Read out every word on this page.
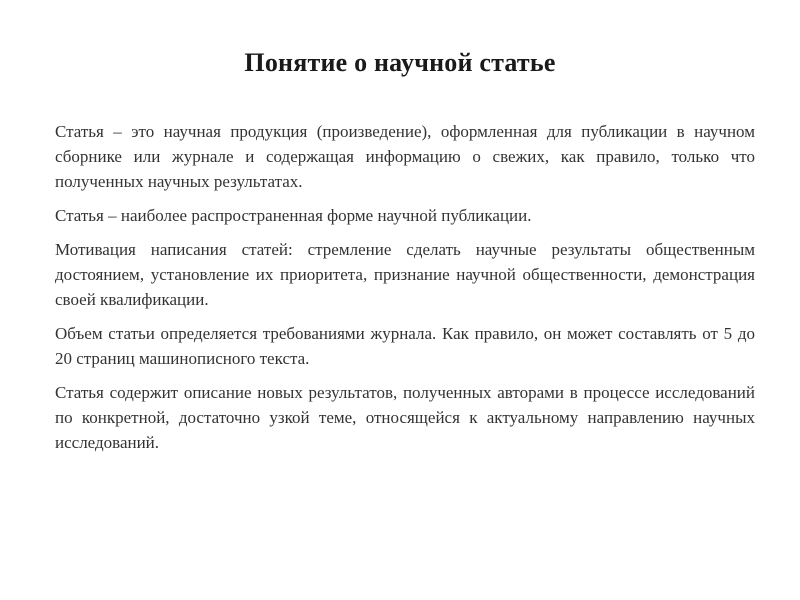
Понятие о научной статье

Статья – это научная продукция (произведение), оформленная для публикации в научном сборнике или журнале и содержащая информацию о свежих, как правило, только что полученных научных результатах.

Статья – наиболее распространенная форме научной публикации.

Мотивация написания статей: стремление сделать научные результаты общественным достоянием, установление их приоритета, признание научной общественности, демонстрация своей квалификации.

Объем статьи определяется требованиями журнала. Как правило, он может составлять от 5 до 20 страниц машинописного текста.

Статья содержит описание новых результатов, полученных авторами в процессе исследований по конкретной, достаточно узкой теме, относящейся к актуальному направлению научных исследований.
